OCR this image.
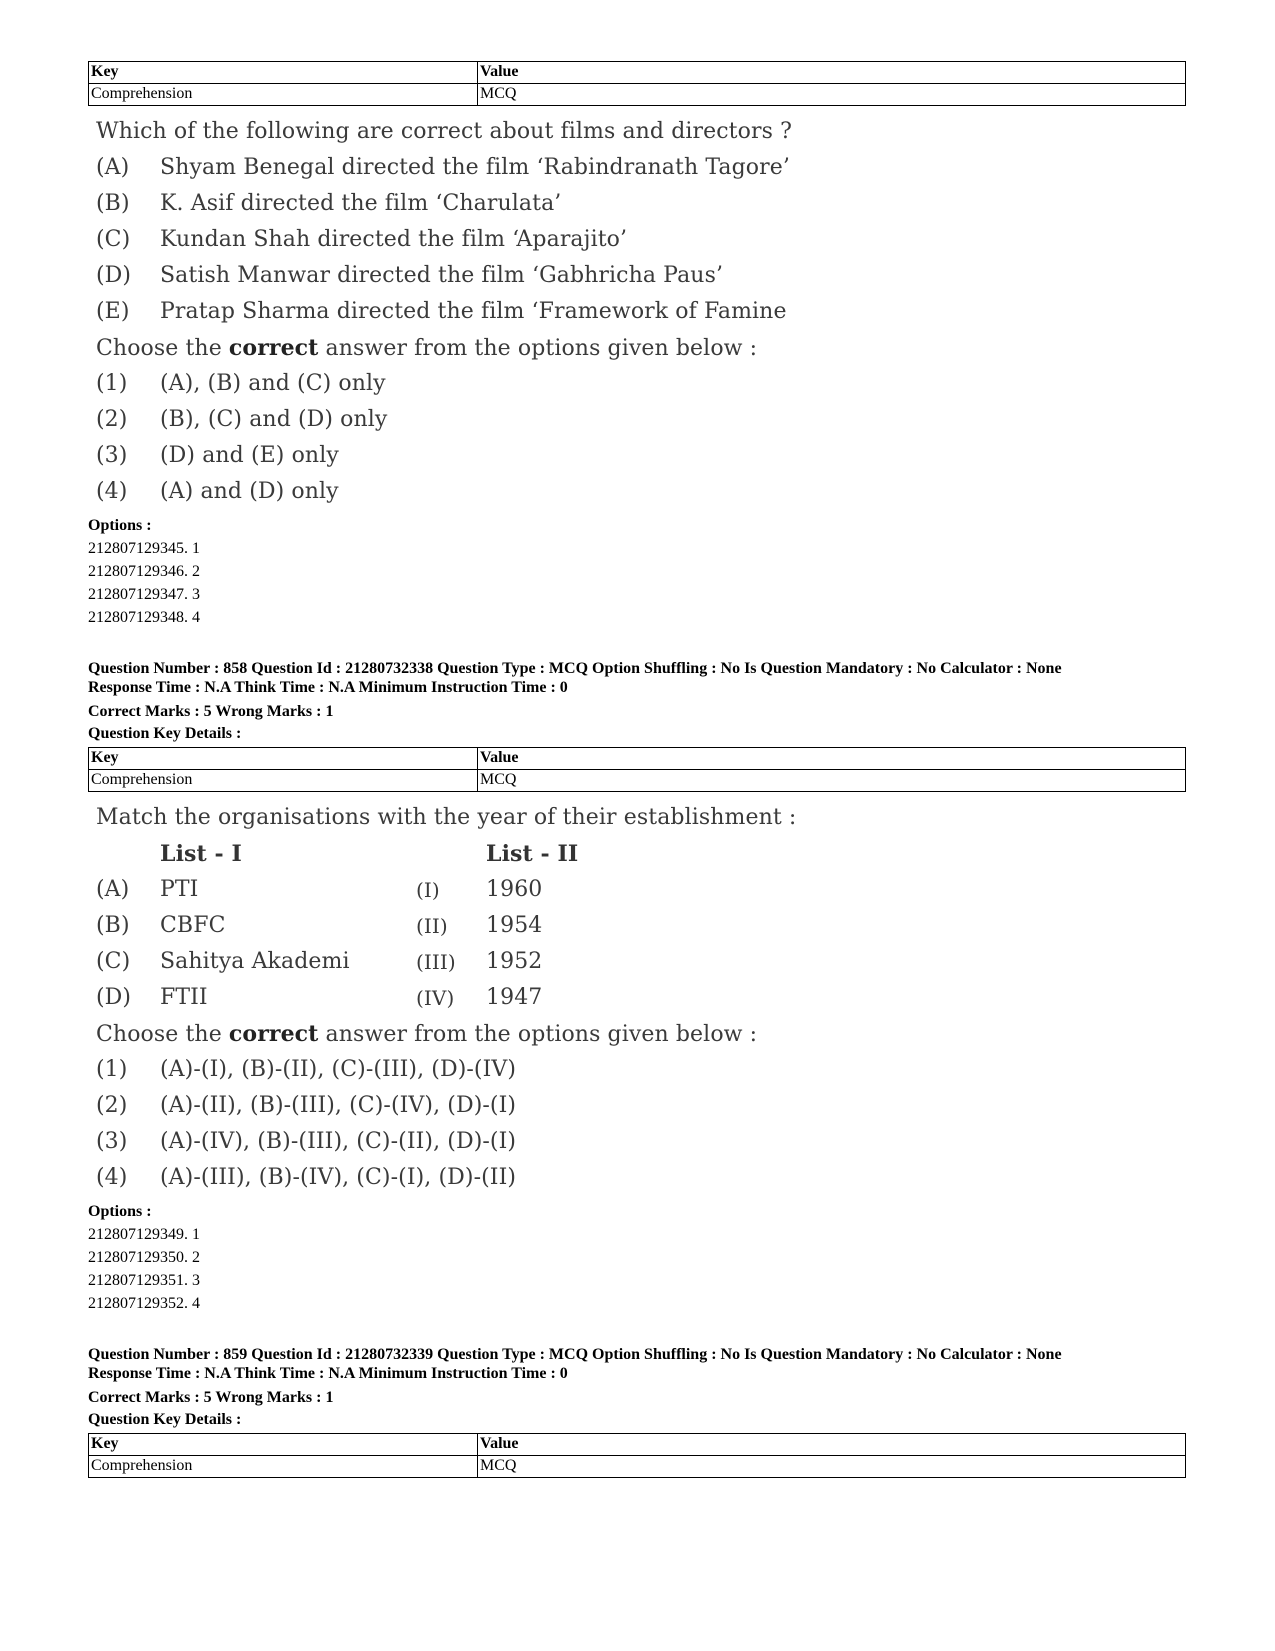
Key	Value
Comprehension	MCQ
Which of the following are correct about films and directors ?
(A)	Shyam Benegal directed the film ‘Rabindranath Tagore’
(B)	K. Asif directed the film ‘Charulata’
(C)	Kundan Shah directed the film ‘Aparajito’
(D)	Satish Manwar directed the film ‘Gabhricha Paus’
(E)	Pratap Sharma directed the film ‘Framework of Famine
Choose the correct answer from the options given below :
(1)	(A), (B) and (C) only
(2)	(B), (C) and (D) only
(3)	(D) and (E) only
(4)	(A) and (D) only
Options :
212807129345. 1
212807129346. 2
212807129347. 3
212807129348. 4
Question Number : 858 Question Id : 21280732338 Question Type : MCQ Option Shuffling : No Is Question Mandatory : No Calculator : None
Response Time : N.A Think Time : N.A Minimum Instruction Time : 0
Correct Marks : 5 Wrong Marks : 1
Question Key Details :
Key	Value
Comprehension	MCQ
Match the organisations with the year of their establishment :
List - I	List - II
(A)	PTI	(I)	1960
(B)	CBFC	(II)	1954
(C)	Sahitya Akademi	(III)	1952
(D)	FTII	(IV)	1947
Choose the correct answer from the options given below :
(1)	(A)-(I), (B)-(II), (C)-(III), (D)-(IV)
(2)	(A)-(II), (B)-(III), (C)-(IV), (D)-(I)
(3)	(A)-(IV), (B)-(III), (C)-(II), (D)-(I)
(4)	(A)-(III), (B)-(IV), (C)-(I), (D)-(II)
Options :
212807129349. 1
212807129350. 2
212807129351. 3
212807129352. 4
Question Number : 859 Question Id : 21280732339 Question Type : MCQ Option Shuffling : No Is Question Mandatory : No Calculator : None
Response Time : N.A Think Time : N.A Minimum Instruction Time : 0
Correct Marks : 5 Wrong Marks : 1
Question Key Details :
Key	Value
Comprehension	MCQ
